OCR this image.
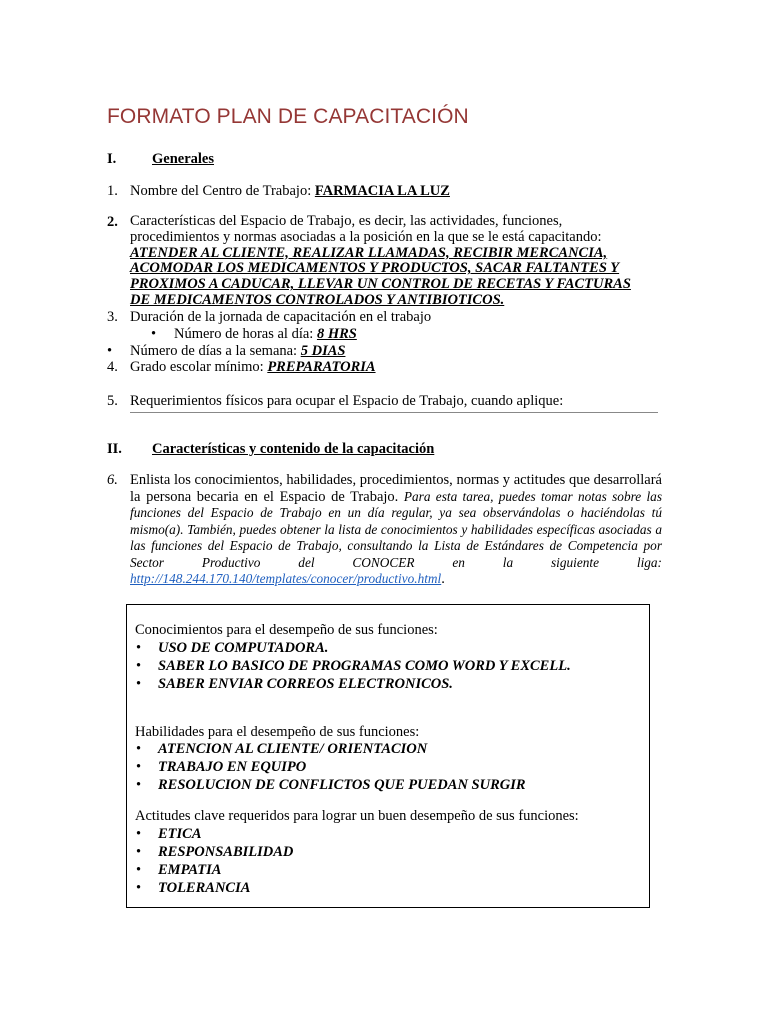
FORMATO PLAN DE CAPACITACIÓN
I. Generales
1. Nombre del Centro de Trabajo: FARMACIA LA LUZ
2. Características del Espacio de Trabajo, es decir, las actividades, funciones, procedimientos y normas asociadas a la posición en la que se le está capacitando: ATENDER AL CLIENTE, REALIZAR LLAMADAS, RECIBIR MERCANCIA, ACOMODAR LOS MEDICAMENTOS Y PRODUCTOS, SACAR FALTANTES Y PROXIMOS A CADUCAR, LLEVAR UN CONTROL DE RECETAS Y FACTURAS DE MEDICAMENTOS CONTROLADOS Y ANTIBIOTICOS.
3. Duración de la jornada de capacitación en el trabajo
• Número de horas al día: 8 HRS
• Número de días a la semana: 5 DIAS
4. Grado escolar mínimo: PREPARATORIA
5. Requerimientos físicos para ocupar el Espacio de Trabajo, cuando aplique:
II. Características y contenido de la capacitación
6. Enlista los conocimientos, habilidades, procedimientos, normas y actitudes que desarrollará la persona becaria en el Espacio de Trabajo. Para esta tarea, puedes tomar notas sobre las funciones del Espacio de Trabajo en un día regular, ya sea observándolas o haciéndolas tú mismo(a). También, puedes obtener la lista de conocimientos y habilidades específicas asociadas a las funciones del Espacio de Trabajo, consultando la Lista de Estándares de Competencia por Sector Productivo del CONOCER en la siguiente liga: http://148.244.170.140/templates/conocer/productivo.html.
Conocimientos para el desempeño de sus funciones:
• USO DE COMPUTADORA.
• SABER LO BASICO DE PROGRAMAS COMO WORD Y EXCELL.
• SABER ENVIAR CORREOS ELECTRONICOS.
Habilidades para el desempeño de sus funciones:
• ATENCION AL CLIENTE/ ORIENTACION
• TRABAJO EN EQUIPO
• RESOLUCION DE CONFLICTOS QUE PUEDAN SURGIR
Actitudes clave requeridos para lograr un buen desempeño de sus funciones:
• ETICA
• RESPONSABILIDAD
• EMPATIA
• TOLERANCIA
